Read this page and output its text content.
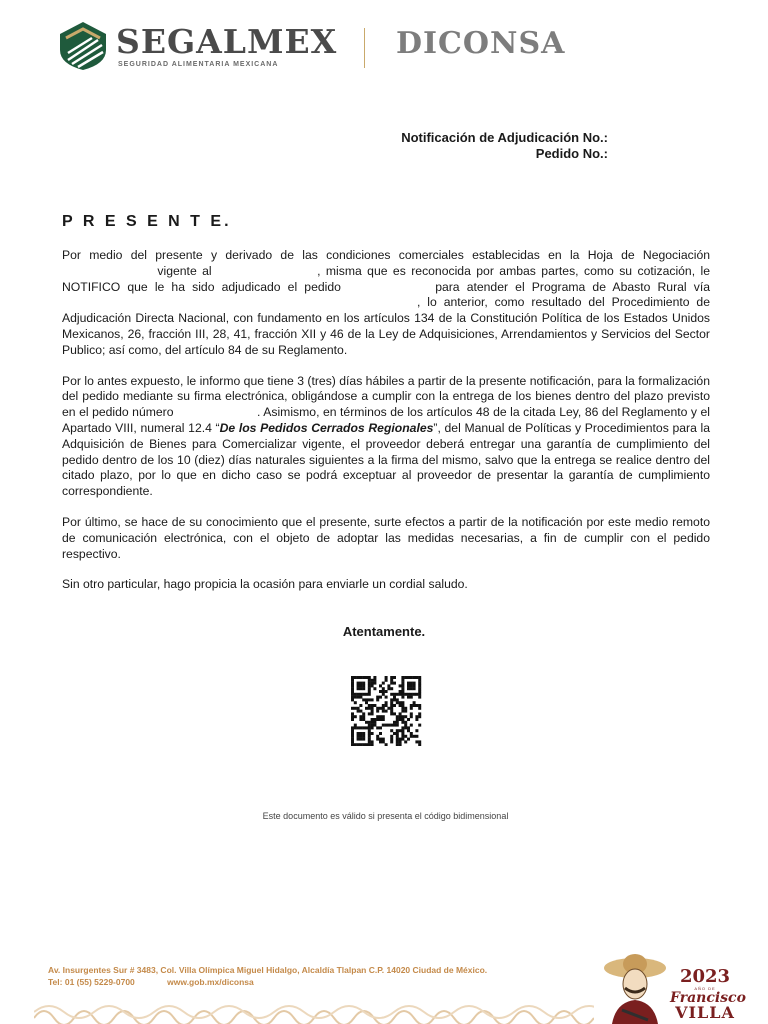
SEGALMEX
SEGURIDAD ALIMENTARIA MEXICANA
DICONSA
Notificación de Adjudicación No.:
Pedido No.:
P R E S E N T E.

Por medio del presente y derivado de las condiciones comerciales establecidas en la Hoja de Negociación  vigente al	, misma que es reconocida por ambas partes, como su cotización, le NOTIFICO que le ha sido adjudicado el pedido	para atender el Programa de Abasto Rural vía , lo anterior, como resultado del Procedimiento de Adjudicación Directa Nacional, con fundamento en los artículos 134 de la Constitución Política de los Estados Unidos Mexicanos, 26, fracción III, 28, 41, fracción XII y 46 de la Ley de Adquisiciones, Arrendamientos y Servicios del Sector Publico; así como, del artículo 84 de su Reglamento.

Por lo antes expuesto, le informo que tiene 3 (tres) días hábiles a partir de la presente notificación, para la formalización del pedido mediante su firma electrónica, obligándose a cumplir con la entrega de los bienes dentro del plazo previsto en el pedido número	. Asimismo, en términos de los artículos 48 de la citada Ley, 86 del Reglamento y el Apartado VIII, numeral 12.4 “De los Pedidos Cerrados Regionales”, del Manual de Políticas y Procedimientos para la Adquisición de Bienes para Comercializar vigente, el proveedor deberá entregar una garantía de cumplimiento del pedido dentro de los 10 (diez) días naturales siguientes a la firma del mismo, salvo que la entrega se realice dentro del citado plazo, por lo que en dicho caso se podrá exceptuar al proveedor de presentar la garantía de cumplimiento correspondiente.

Por último, se hace de su conocimiento que el presente, surte efectos a partir de la notificación por este medio remoto de comunicación electrónica, con el objeto de adoptar las medidas necesarias, a fin de cumplir con el pedido respectivo.

Sin otro particular, hago propicia la ocasión para enviarle un cordial saludo.

Atentamente.
Este documento es válido si presenta el código bidimensional
Av. Insurgentes Sur # 3483, Col. Villa Olímpica Miguel Hidalgo, Alcaldía Tlalpan C.P. 14020 Ciudad de México.
Tel: 01 (55) 5229-0700	www.gob.mx/diconsa	2023
AÑO DE
Francisco
VILLA
